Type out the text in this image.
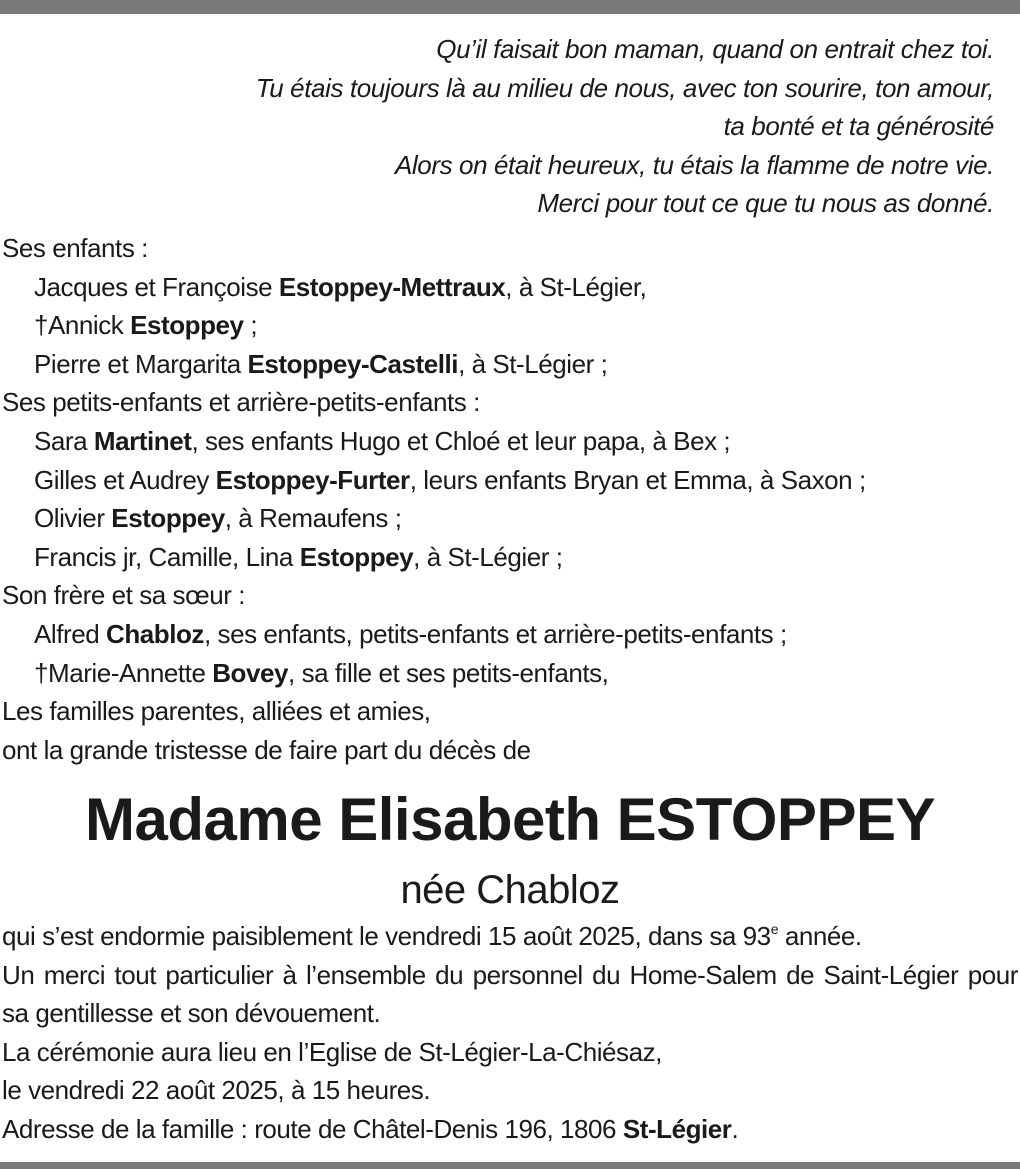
Qu’il faisait bon maman, quand on entrait chez toi.
Tu étais toujours là au milieu de nous, avec ton sourire, ton amour,
ta bonté et ta générosité
Alors on était heureux, tu étais la flamme de notre vie.
Merci pour tout ce que tu nous as donné.
Ses enfants :
Jacques et Françoise Estoppey-Mettraux, à St-Légier,
†Annick Estoppey ;
Pierre et Margarita Estoppey-Castelli, à St-Légier ;
Ses petits-enfants et arrière-petits-enfants :
Sara Martinet, ses enfants Hugo et Chloé et leur papa, à Bex ;
Gilles et Audrey Estoppey-Furter, leurs enfants Bryan et Emma, à Saxon ;
Olivier Estoppey, à Remaufens ;
Francis jr, Camille, Lina Estoppey, à St-Légier ;
Son frère et sa sœur :
Alfred Chabloz, ses enfants, petits-enfants et arrière-petits-enfants ;
†Marie-Annette Bovey, sa fille et ses petits-enfants,
Les familles parentes, alliées et amies,
ont la grande tristesse de faire part du décès de
Madame Elisabeth ESTOPPEY
née Chabloz
qui s’est endormie paisiblement le vendredi 15 août 2025, dans sa 93e année.
Un merci tout particulier à l’ensemble du personnel du Home-Salem de Saint-Légier pour sa gentillesse et son dévouement.
La cérémonie aura lieu en l’Eglise de St-Légier-La-Chiésaz,
le vendredi 22 août 2025, à 15 heures.
Adresse de la famille : route de Châtel-Denis 196, 1806 St-Légier.
